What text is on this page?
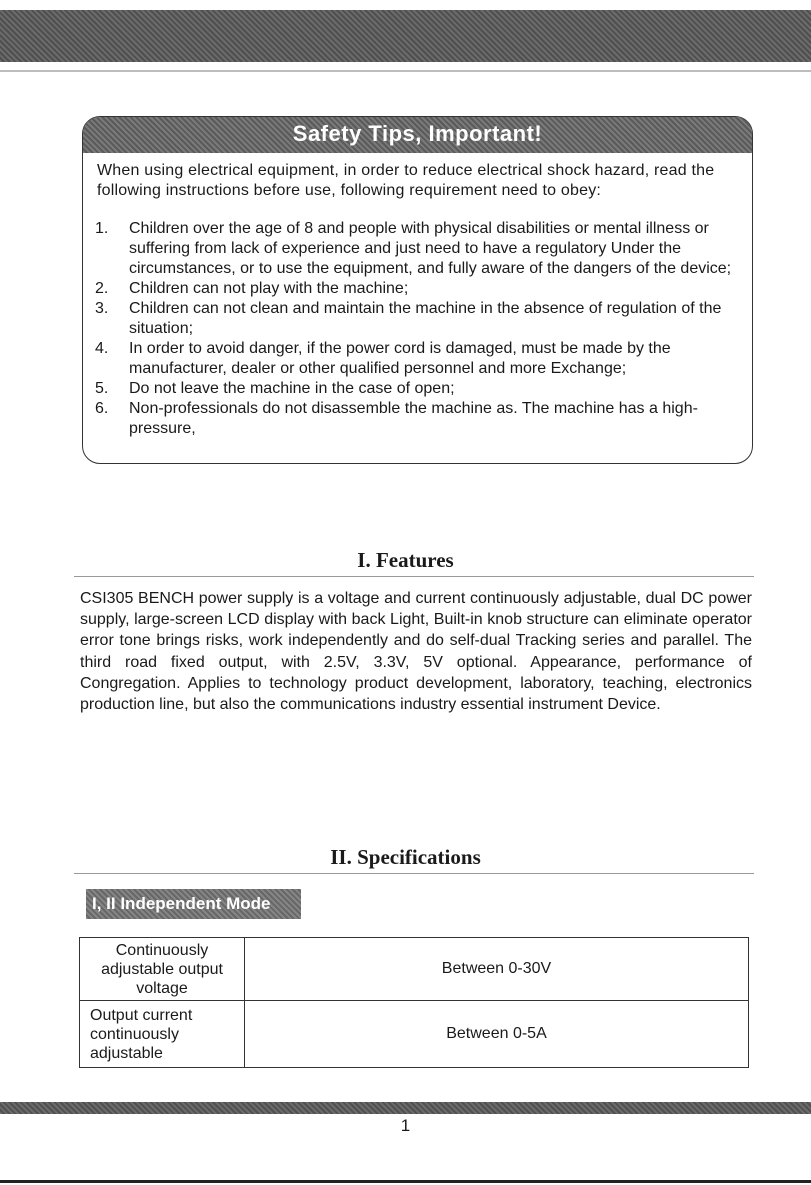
Safety Tips, Important!
When using electrical equipment, in order to reduce electrical shock hazard, read the following instructions before use, following requirement need to obey:
1. Children over the age of 8 and people with physical disabilities or mental illness or suffering from lack of experience and just need to have a regulatory Under the circumstances, or to use the equipment, and fully aware of the dangers of the device;
2. Children can not play with the machine;
3. Children can not clean and maintain the machine in the absence of regulation of the situation;
4. In order to avoid danger, if the power cord is damaged, must be made by the manufacturer, dealer or other qualified personnel and more Exchange;
5. Do not leave the machine in the case of open;
6. Non-professionals do not disassemble the machine as. The machine has a high-pressure,
I. Features
CSI305 BENCH power supply is a voltage and current continuously adjustable, dual DC power supply, large-screen LCD display with back Light, Built-in knob structure can eliminate operator error tone brings risks, work independently and do self-dual Tracking series and parallel. The third road fixed output, with 2.5V, 3.3V, 5V optional. Appearance, performance of Congregation. Applies to technology product development, laboratory, teaching, electronics production line, but also the communications industry essential instrument Device.
II. Specifications
I, II Independent Mode
Continuously adjustable output voltage	Between 0-30V
Output current continuously adjustable	Between 0-5A
1
